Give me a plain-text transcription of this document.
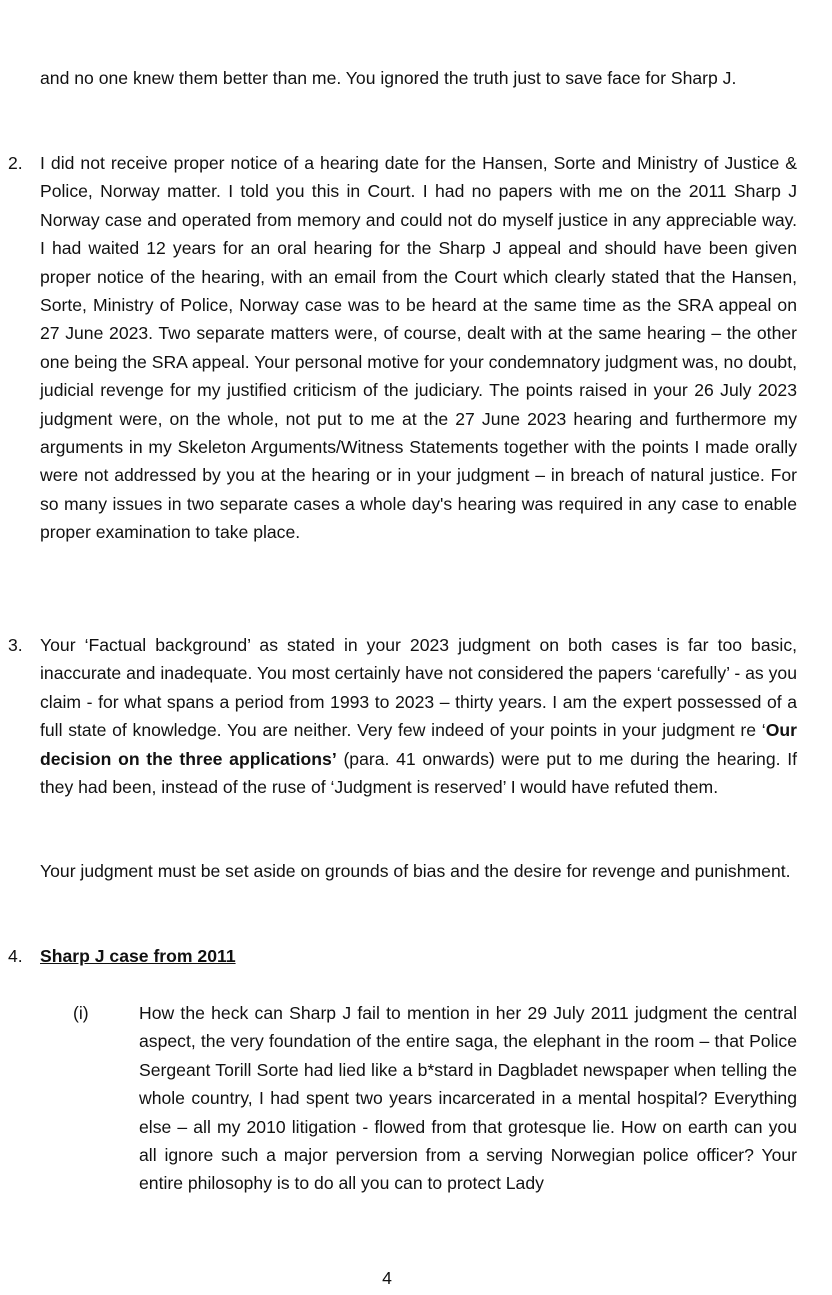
and no one knew them better than me. You ignored the truth just to save face for Sharp J.

2. I did not receive proper notice of a hearing date for the Hansen, Sorte and Ministry of Justice & Police, Norway matter. I told you this in Court. I had no papers with me on the 2011 Sharp J Norway case and operated from memory and could not do myself justice in any appreciable way. I had waited 12 years for an oral hearing for the Sharp J appeal and should have been given proper notice of the hearing, with an email from the Court which clearly stated that the Hansen, Sorte, Ministry of Police, Norway case was to be heard at the same time as the SRA appeal on 27 June 2023. Two separate matters were, of course, dealt with at the same hearing – the other one being the SRA appeal. Your personal motive for your condemnatory judgment was, no doubt, judicial revenge for my justified criticism of the judiciary. The points raised in your 26 July 2023 judgment were, on the whole, not put to me at the 27 June 2023 hearing and furthermore my arguments in my Skeleton Arguments/Witness Statements together with the points I made orally were not addressed by you at the hearing or in your judgment – in breach of natural justice. For so many issues in two separate cases a whole day's hearing was required in any case to enable proper examination to take place.

3. Your ‘Factual background’ as stated in your 2023 judgment on both cases is far too basic, inaccurate and inadequate. You most certainly have not considered the papers ‘carefully’ - as you claim - for what spans a period from 1993 to 2023 – thirty years. I am the expert possessed of a full state of knowledge. You are neither. Very few indeed of your points in your judgment re ‘Our decision on the three applications’ (para. 41 onwards) were put to me during the hearing. If they had been, instead of the ruse of ‘Judgment is reserved’ I would have refuted them.

Your judgment must be set aside on grounds of bias and the desire for revenge and punishment.

4. Sharp J case from 2011
(i)	How the heck can Sharp J fail to mention in her 29 July 2011 judgment the central aspect, the very foundation of the entire saga, the elephant in the room – that Police Sergeant Torill Sorte had lied like a b*stard in Dagbladet newspaper when telling the whole country, I had spent two years incarcerated in a mental hospital? Everything else – all my 2010 litigation - flowed from that grotesque lie. How on earth can you all ignore such a major perversion from a serving Norwegian police officer? Your entire philosophy is to do all you can to protect Lady

4
